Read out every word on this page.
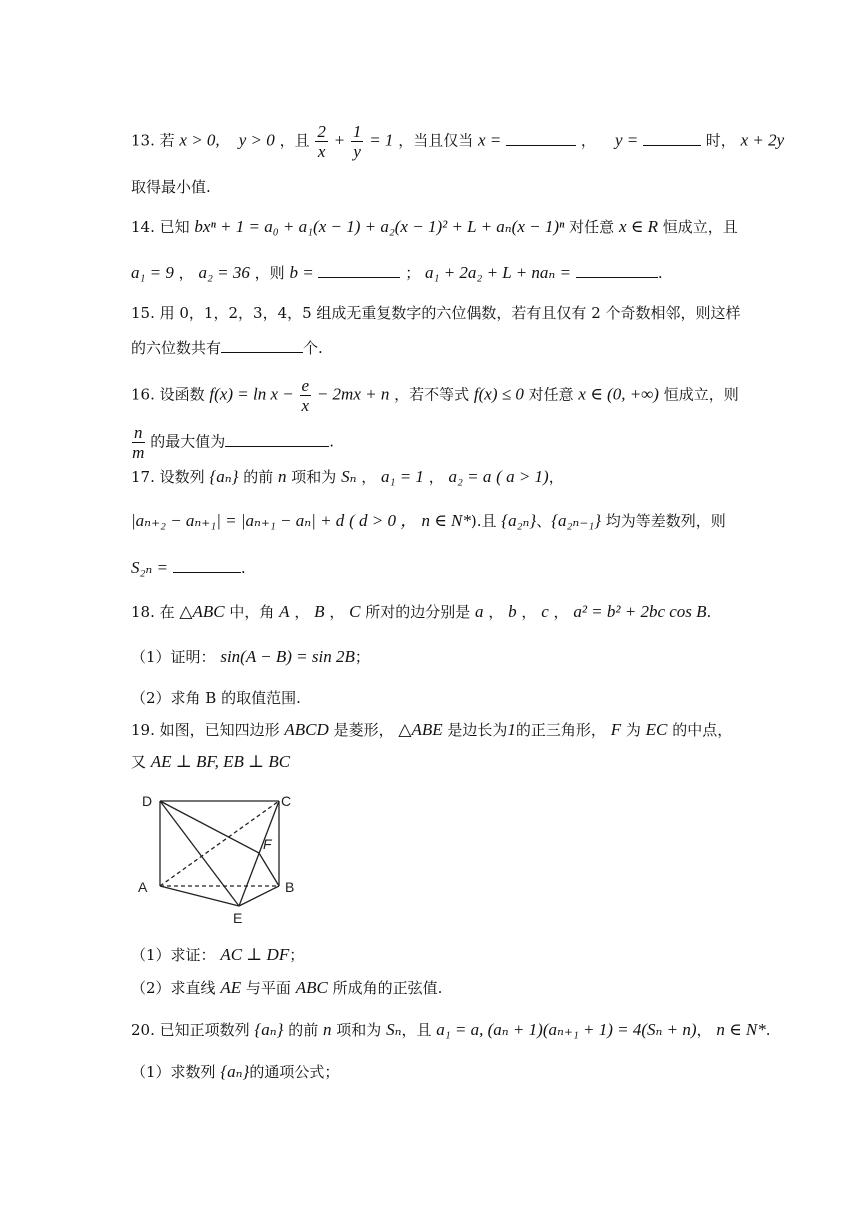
13. 若 x > 0, y > 0 ，且 $\frac{2}{x} + \frac{1}{y} = 1$ ，当且仅当 x =	， y =	时， x + 2y
取得最小值.
14. 已知 bxⁿ + 1 = a₀ + a₁(x − 1) + a₂(x − 1)² + L + aₙ(x − 1)ⁿ 对任意 x ∈ R 恒成立，且
a₁ = 9 ， a₂ = 36 ，则 b =	； a₁ + 2a₂ + L + naₙ =	.
15. 用 0，1，2，3，4，5 组成无重复数字的六位偶数，若有且仅有 2 个奇数相邻，则这样
的六位数共有	个.
16. 设函数 $f(x) = \ln x - \frac{e}{x} - 2mx + n$ ，若不等式 f(x) ≤ 0 对任意 x ∈ (0, +∞) 恒成立，则
$\frac{n}{m}$ 的最大值为	.
17. 设数列 {aₙ} 的前 n 项和为 Sₙ ， a₁ = 1 ， a₂ = a ( a > 1)，
|aₙ₊₂ − aₙ₊₁| = |aₙ₊₁ − aₙ| + d ( d > 0 ， n ∈ N*).且 {a₂ₙ}、{a₂ₙ₋₁} 均为等差数列，则
S₂ₙ =	.
18. 在 △ABC 中，角 A ， B ， C 所对的边分别是 a ， b ， c ， a² = b² + 2bc cos B.
（1）证明： sin(A − B) = sin 2B；
（2）求角 B 的取值范围.
19. 如图，已知四边形 ABCD 是菱形， △ABE 是边长为1的正三角形， F 为 EC 的中点，
又 AE ⊥ BF, EB ⊥ BC
D	C
A	B
E
F
（1）求证： AC ⊥ DF；
（2）求直线 AE 与平面 ABC 所成角的正弦值.
20. 已知正项数列 {aₙ} 的前 n 项和为 Sₙ，且 a₁ = a, (aₙ + 1)(aₙ₊₁ + 1) = 4(Sₙ + n)， n ∈ N*.
（1）求数列 {aₙ}的通项公式；
